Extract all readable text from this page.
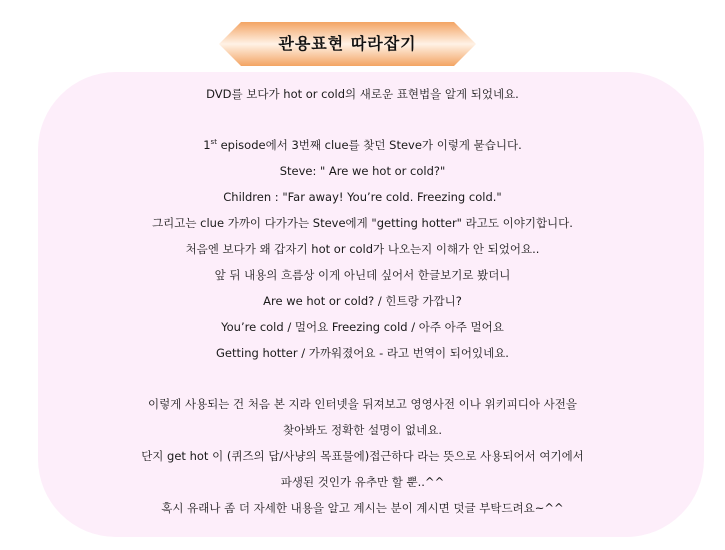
관용표현 따라잡기
DVD를 보다가 hot or cold의 새로운 표현법을 알게 되었네요.
1st episode에서 3번째 clue를 찾던 Steve가 이렇게 묻습니다.
Steve: " Are we hot or cold?"
Children : "Far away! You’re cold. Freezing cold."
그리고는 clue 가까이 다가가는 Steve에게 "getting hotter" 라고도 이야기합니다.
처음엔 보다가 왜 갑자기 hot or cold가 나오는지 이해가 안 되었어요..
앞 뒤 내용의 흐름상 이게 아닌데 싶어서 한글보기로 봤더니
Are we hot or cold? / 힌트랑 가깝니?
You’re cold / 멀어요 Freezing cold / 아주 아주 멀어요
Getting hotter / 가까워졌어요 - 라고 번역이 되어있네요.
이렇게 사용되는 건 처음 본 지라 인터넷을 뒤져보고 영영사전 이나 위키피디아 사전을
찾아봐도 정확한 설명이 없네요.
단지 get hot 이 (퀴즈의 답/사냥의 목표물에)접근하다 라는 뜻으로 사용되어서 여기에서
파생된 것인가 유추만 할 뿐..^^
혹시 유래나 좀 더 자세한 내용을 알고 계시는 분이 계시면 덧글 부탁드려요~^^
